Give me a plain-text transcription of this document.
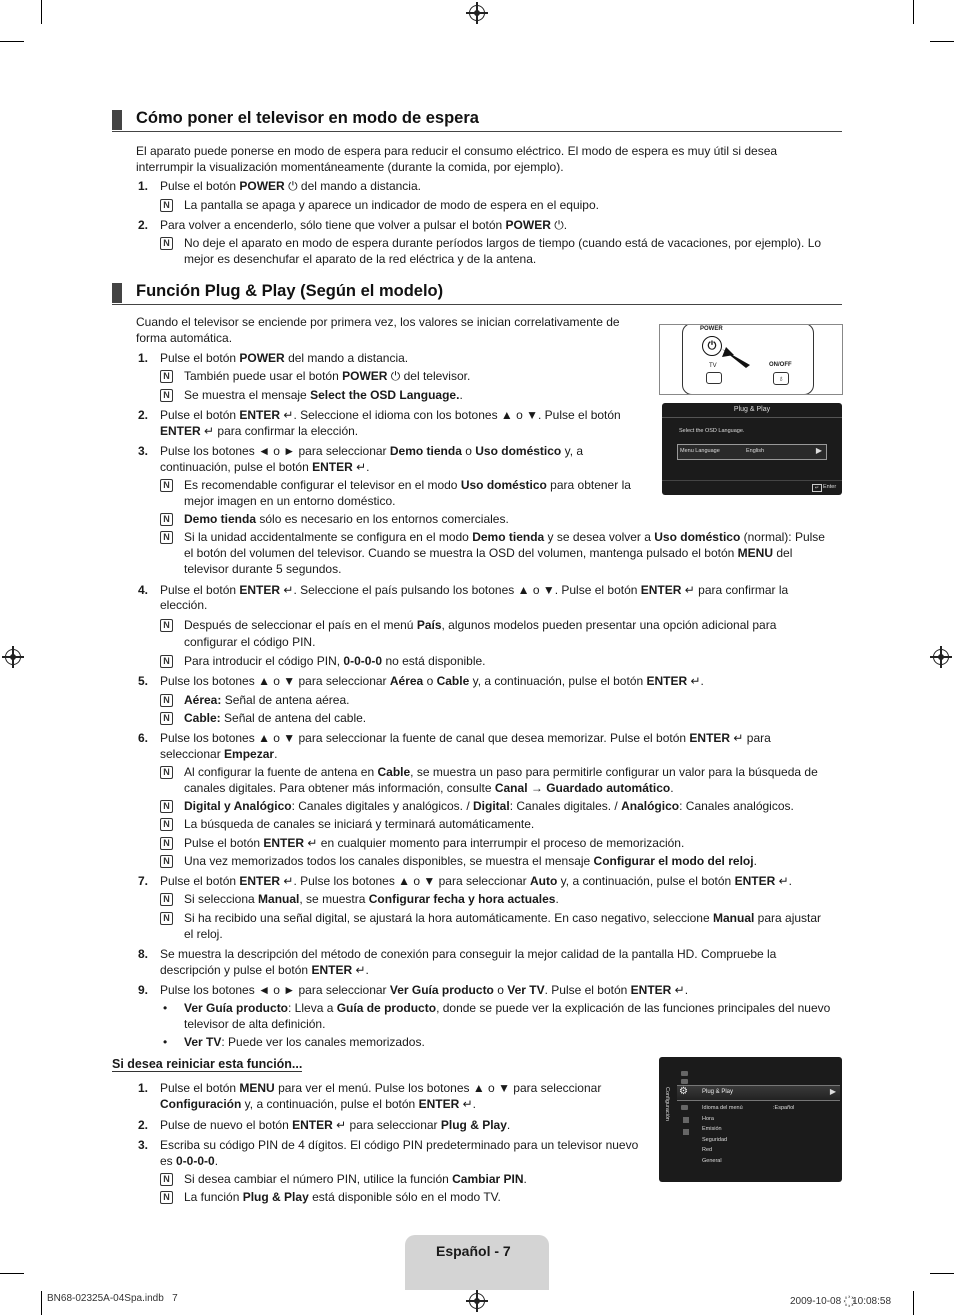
Cómo poner el televisor en modo de espera
El aparato puede ponerse en modo de espera para reducir el consumo eléctrico. El modo de espera es muy útil si desea
interrumpir la visualización momentáneamente (durante la comida, por ejemplo).
1. Pulse el botón POWER ⏻ del mando a distancia.
N La pantalla se apaga y aparece un indicador de modo de espera en el equipo.
2. Para volver a encenderlo, sólo tiene que volver a pulsar el botón POWER ⏻.
N No deje el aparato en modo de espera durante períodos largos de tiempo (cuando está de vacaciones, por ejemplo). Lo
mejor es desenchufar el aparato de la red eléctrica y de la antena.
Función Plug & Play (Según el modelo)
Cuando el televisor se enciende por primera vez, los valores se inician correlativamente de
forma automática.
POWER
⏻
TV	ON/OFF
♁
Plug & Play
Select the OSD Language.
Menu Language	English	▶
↵ Enter
1. Pulse el botón POWER del mando a distancia.
N También puede usar el botón POWER ⏻ del televisor.
N Se muestra el mensaje Select the OSD Language..
2. Pulse el botón ENTER ↵. Seleccione el idioma con los botones ▲ o ▼. Pulse el botón
ENTER ↵ para confirmar la elección.
3. Pulse los botones ◄ o ► para seleccionar Demo tienda o Uso doméstico y, a
continuación, pulse el botón ENTER ↵.
N Es recomendable configurar el televisor en el modo Uso doméstico para obtener la
mejor imagen en un entorno doméstico.
N Demo tienda sólo es necesario en los entornos comerciales.
N Si la unidad accidentalmente se configura en el modo Demo tienda y se desea volver a Uso doméstico (normal): Pulse
el botón del volumen del televisor. Cuando se muestra la OSD del volumen, mantenga pulsado el botón MENU del
televisor durante 5 segundos.
4. Pulse el botón ENTER ↵. Seleccione el país pulsando los botones ▲ o ▼. Pulse el botón ENTER ↵ para confirmar la
elección.
N Después de seleccionar el país en el menú País, algunos modelos pueden presentar una opción adicional para
configurar el código PIN.
N Para introducir el código PIN, 0-0-0-0 no está disponible.
5. Pulse los botones ▲ o ▼ para seleccionar Aérea o Cable y, a continuación, pulse el botón ENTER ↵.
N Aérea: Señal de antena aérea.
N Cable: Señal de antena del cable.
6. Pulse los botones ▲ o ▼ para seleccionar la fuente de canal que desea memorizar. Pulse el botón ENTER ↵ para
seleccionar Empezar.
N Al configurar la fuente de antena en Cable, se muestra un paso para permitirle configurar un valor para la búsqueda de
canales digitales. Para obtener más información, consulte Canal → Guardado automático.
N Digital y Analógico: Canales digitales y analógicos. / Digital: Canales digitales. / Analógico: Canales analógicos.
N La búsqueda de canales se iniciará y terminará automáticamente.
N Pulse el botón ENTER ↵ en cualquier momento para interrumpir el proceso de memorización.
N Una vez memorizados todos los canales disponibles, se muestra el mensaje Configurar el modo del reloj.
7. Pulse el botón ENTER ↵. Pulse los botones ▲ o ▼ para seleccionar Auto y, a continuación, pulse el botón ENTER ↵.
N Si selecciona Manual, se muestra Configurar fecha y hora actuales.
N Si ha recibido una señal digital, se ajustará la hora automáticamente. En caso negativo, seleccione Manual para ajustar
el reloj.
8. Se muestra la descripción del método de conexión para conseguir la mejor calidad de la pantalla HD. Compruebe la
descripción y pulse el botón ENTER ↵.
9. Pulse los botones ◄ o ► para seleccionar Ver Guía producto o Ver TV. Pulse el botón ENTER ↵.
• Ver Guía producto: Lleva a Guía de producto, donde se puede ver la explicación de las funciones principales del nuevo
televisor de alta definición.
• Ver TV: Puede ver los canales memorizados.
Si desea reiniciar esta función...
Configuración ⚙ Plug & Play	▶
Idioma del menú	:Español
Hora
Emisión
Seguridad
Red
General
1. Pulse el botón MENU para ver el menú. Pulse los botones ▲ o ▼ para seleccionar
Configuración y, a continuación, pulse el botón ENTER ↵.
2. Pulse de nuevo el botón ENTER ↵ para seleccionar Plug & Play.
3. Escriba su código PIN de 4 dígitos. El código PIN predeterminado para un televisor nuevo
es 0-0-0-0.
N Si desea cambiar el número PIN, utilice la función Cambiar PIN.
N La función Plug & Play está disponible sólo en el modo TV.
Español - 7
BN68-02325A-04Spa.indb   7	2009-10-08   ꙰꙰ 10:08:58
